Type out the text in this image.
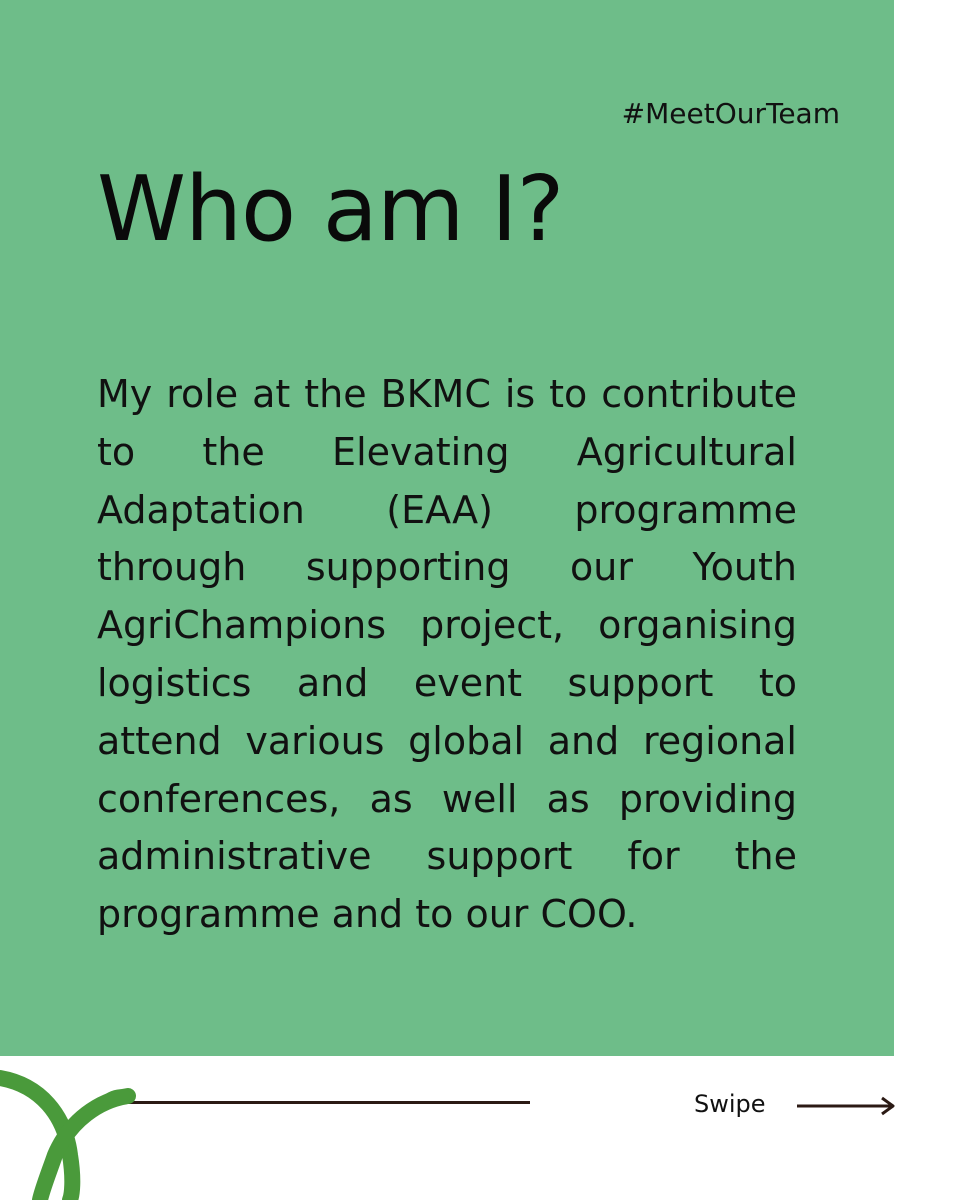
#MeetOurTeam
Who am I?

My role at the BKMC is to contribute to the Elevating Agricultural Adaptation (EAA) programme through supporting our Youth AgriChampions project, organising logistics and event support to attend various global and regional conferences, as well as providing administrative support for the programme and to our COO.

Swipe
